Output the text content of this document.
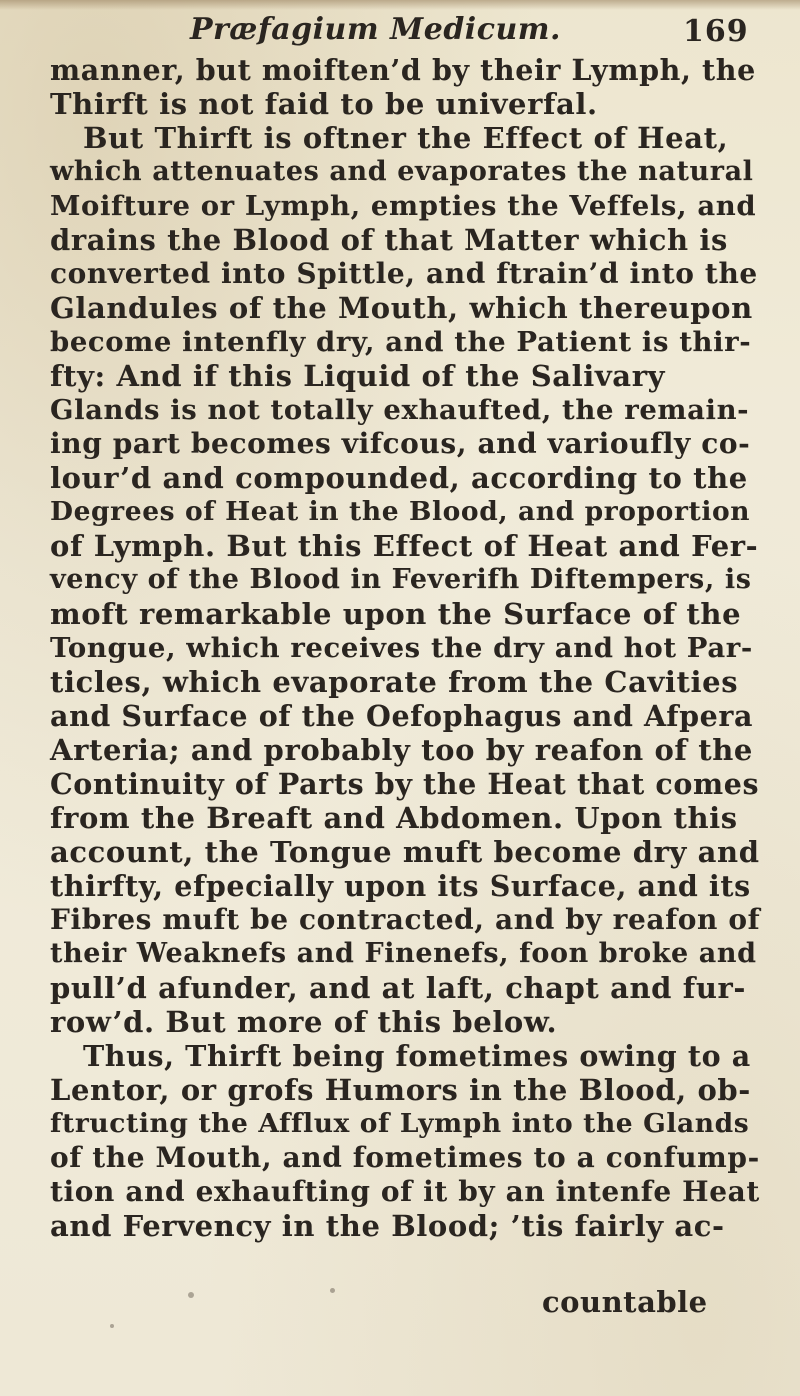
Præfagium Medicum.	169
manner, but moiften’d by their Lymph, the
Thirft is not faid to be univerfal.
But Thirft is oftner the Effect of Heat,
which attenuates and evaporates the natural
Moifture or Lymph, empties the Veffels, and
drains the Blood of that Matter which is
converted into Spittle, and ftrain’d into the
Glandules of the Mouth, which thereupon
become intenfly dry, and the Patient is thir-
fty: And if this Liquid of the Salivary
Glands is not totally exhaufted, the remain-
ing part becomes vifcous, and varioufly co-
lour’d and compounded, according to the
Degrees of Heat in the Blood, and proportion
of Lymph. But this Effect of Heat and Fer-
vency of the Blood in Feverifh Diftempers, is
moft remarkable upon the Surface of the
Tongue, which receives the dry and hot Par-
ticles, which evaporate from the Cavities
and Surface of the Oefophagus and Afpera
Arteria; and probably too by reafon of the
Continuity of Parts by the Heat that comes
from the Breaft and Abdomen. Upon this
account, the Tongue muft become dry and
thirfty, efpecially upon its Surface, and its
Fibres muft be contracted, and by reafon of
their Weaknefs and Finenefs, foon broke and
pull’d afunder, and at laft, chapt and fur-
row’d. But more of this below.
Thus, Thirft being fometimes owing to a
Lentor, or grofs Humors in the Blood, ob-
ftructing the Afflux of Lymph into the Glands
of the Mouth, and fometimes to a confump-
tion and exhaufting of it by an intenfe Heat
and Fervency in the Blood; ’tis fairly ac-
countable
